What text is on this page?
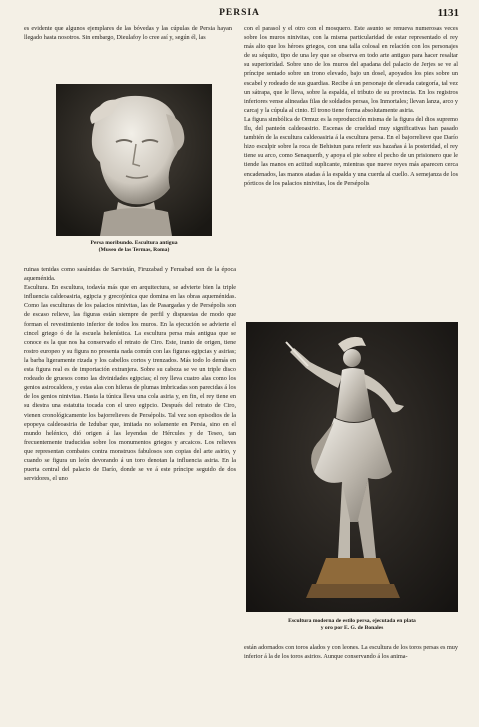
PERSIA	1131

es evidente que algunos ejemplares de las bóvedas y las cúpulas de Persia hayan llegado hasta nosotros. Sin embargo, Dieulafoy lo cree así y, según él, las

Persa moribundo. Escultura antigua
(Museo de las Termas, Roma)

ruinas tenidas como sasánidas de Sarvistán, Firuzabad y Feruabad son de la época aqueménida.

Escultura. En escultura, todavía más que en arquitectura, se advierte bien la triple influencia caldeoasiria, egipcia y grecojónica que domina en las obras aqueménidas. Como las esculturas de los palacios ninivitas, las de Pasargadas y de Persépolis son de escaso relieve, las figuras están siempre de perfil y dispuestas de modo que forman el revestimiento inferior de todos los muros. En la ejecución se advierte el cincel griego ó de la escuela helenística. La escultura persa más antigua que se conoce es la que nos ha conservado el retrato de Ciro. Este, iranio de origen, tiene rostro europeo y su figura no presenta nada común con las figuras egipcias y asirias; la barba ligeramente rizada y los cabellos cortos y trenzados. Más todo lo demás en esta figura real es de importación extranjera. Sobre su cabeza se ve un triple disco rodeado de gruesos como las divinidades egipcias; el rey lleva cuatro alas como los genios asirocaldeos, y estas alas con hileras de plumas imbricadas son parecidas á los de los genios ninivitas. Hasta la túnica lleva una cola asiria y, en fin, el rey tiene en su diestra una estatuita tocada con el ureo egipcio. Después del retrato de Ciro, vienen cronológicamente los bajorrelieves de Persépolis. Tal vez son episodios de la epopeya caldeoasiria de Izdubar que, imitada no solamente en Persia, sino en el mundo helénico, dió origen á las leyendas de Hércules y de Teseo, tan frecuentemente traducidas sobre los monumentos griegos y arcaicos. Los relieves que representan combates contra monstruos fabulosos son copias del arte asirio, y cuando se figura un león devorando á un toro denotan la influencia asiria. En la puerta central del palacio de Darío, donde se ve á este príncipe seguido de dos servidores, el uno

con el parasol y el otro con el mosquero. Este asunto se renueva numerosas veces sobre los muros ninivitas, con la misma particularidad de estar representado el rey más alto que los héroes griegos, con una talla colosal en relación con los personajes de su séquito, tipo de una ley que se observa en todo arte antiguo para hacer resaltar su superioridad. Sobre uno de los muros del apadana del palacio de Jerjes se ve al príncipe sentado sobre un trono elevado, bajo un dosel, apoyados los pies sobre un escabel y rodeado de sus guardias. Recibe á un personaje de elevada categoría, tal vez un sátrapa, que le lleva, sobre la espalda, el tributo de su provincia. En los registros inferiores vense alineadas filas de soldados persas, los Inmortales; llevan lanza, arco y carcaj y la cúpula al cinto. El trono tiene forma absolutamente asiria.

La figura simbólica de Ormuz es la reproducción misma de la figura del dios supremo Ilu, del panteón caldeoasirio. Escenas de crueldad muy significativas han pasado también de la escultura caldeoasiria á la escultura persa. En el bajorrelieve que Darío hizo esculpir sobre la roca de Behistun para referir sus hazañas á la posteridad, el rey tiene su arco, como Senaquerib, y apoya el pie sobre el pecho de un prisionero que le tiende las manos en actitud suplicante, mientras que nueve reyes más aparecen cerca encadenados, las manos atadas á la espalda y una cuerda al cuello. A semejanza de los pórticos de los palacios ninivitas, los de Persépolis

Escultura moderna de estilo persa, ejecutada en plata
y oro por E. G. de Bonales

están adornados con toros alados y con leones. La escultura de los toros persas es muy inferior á la de los toros asirios. Aunque conservando á los anima-
